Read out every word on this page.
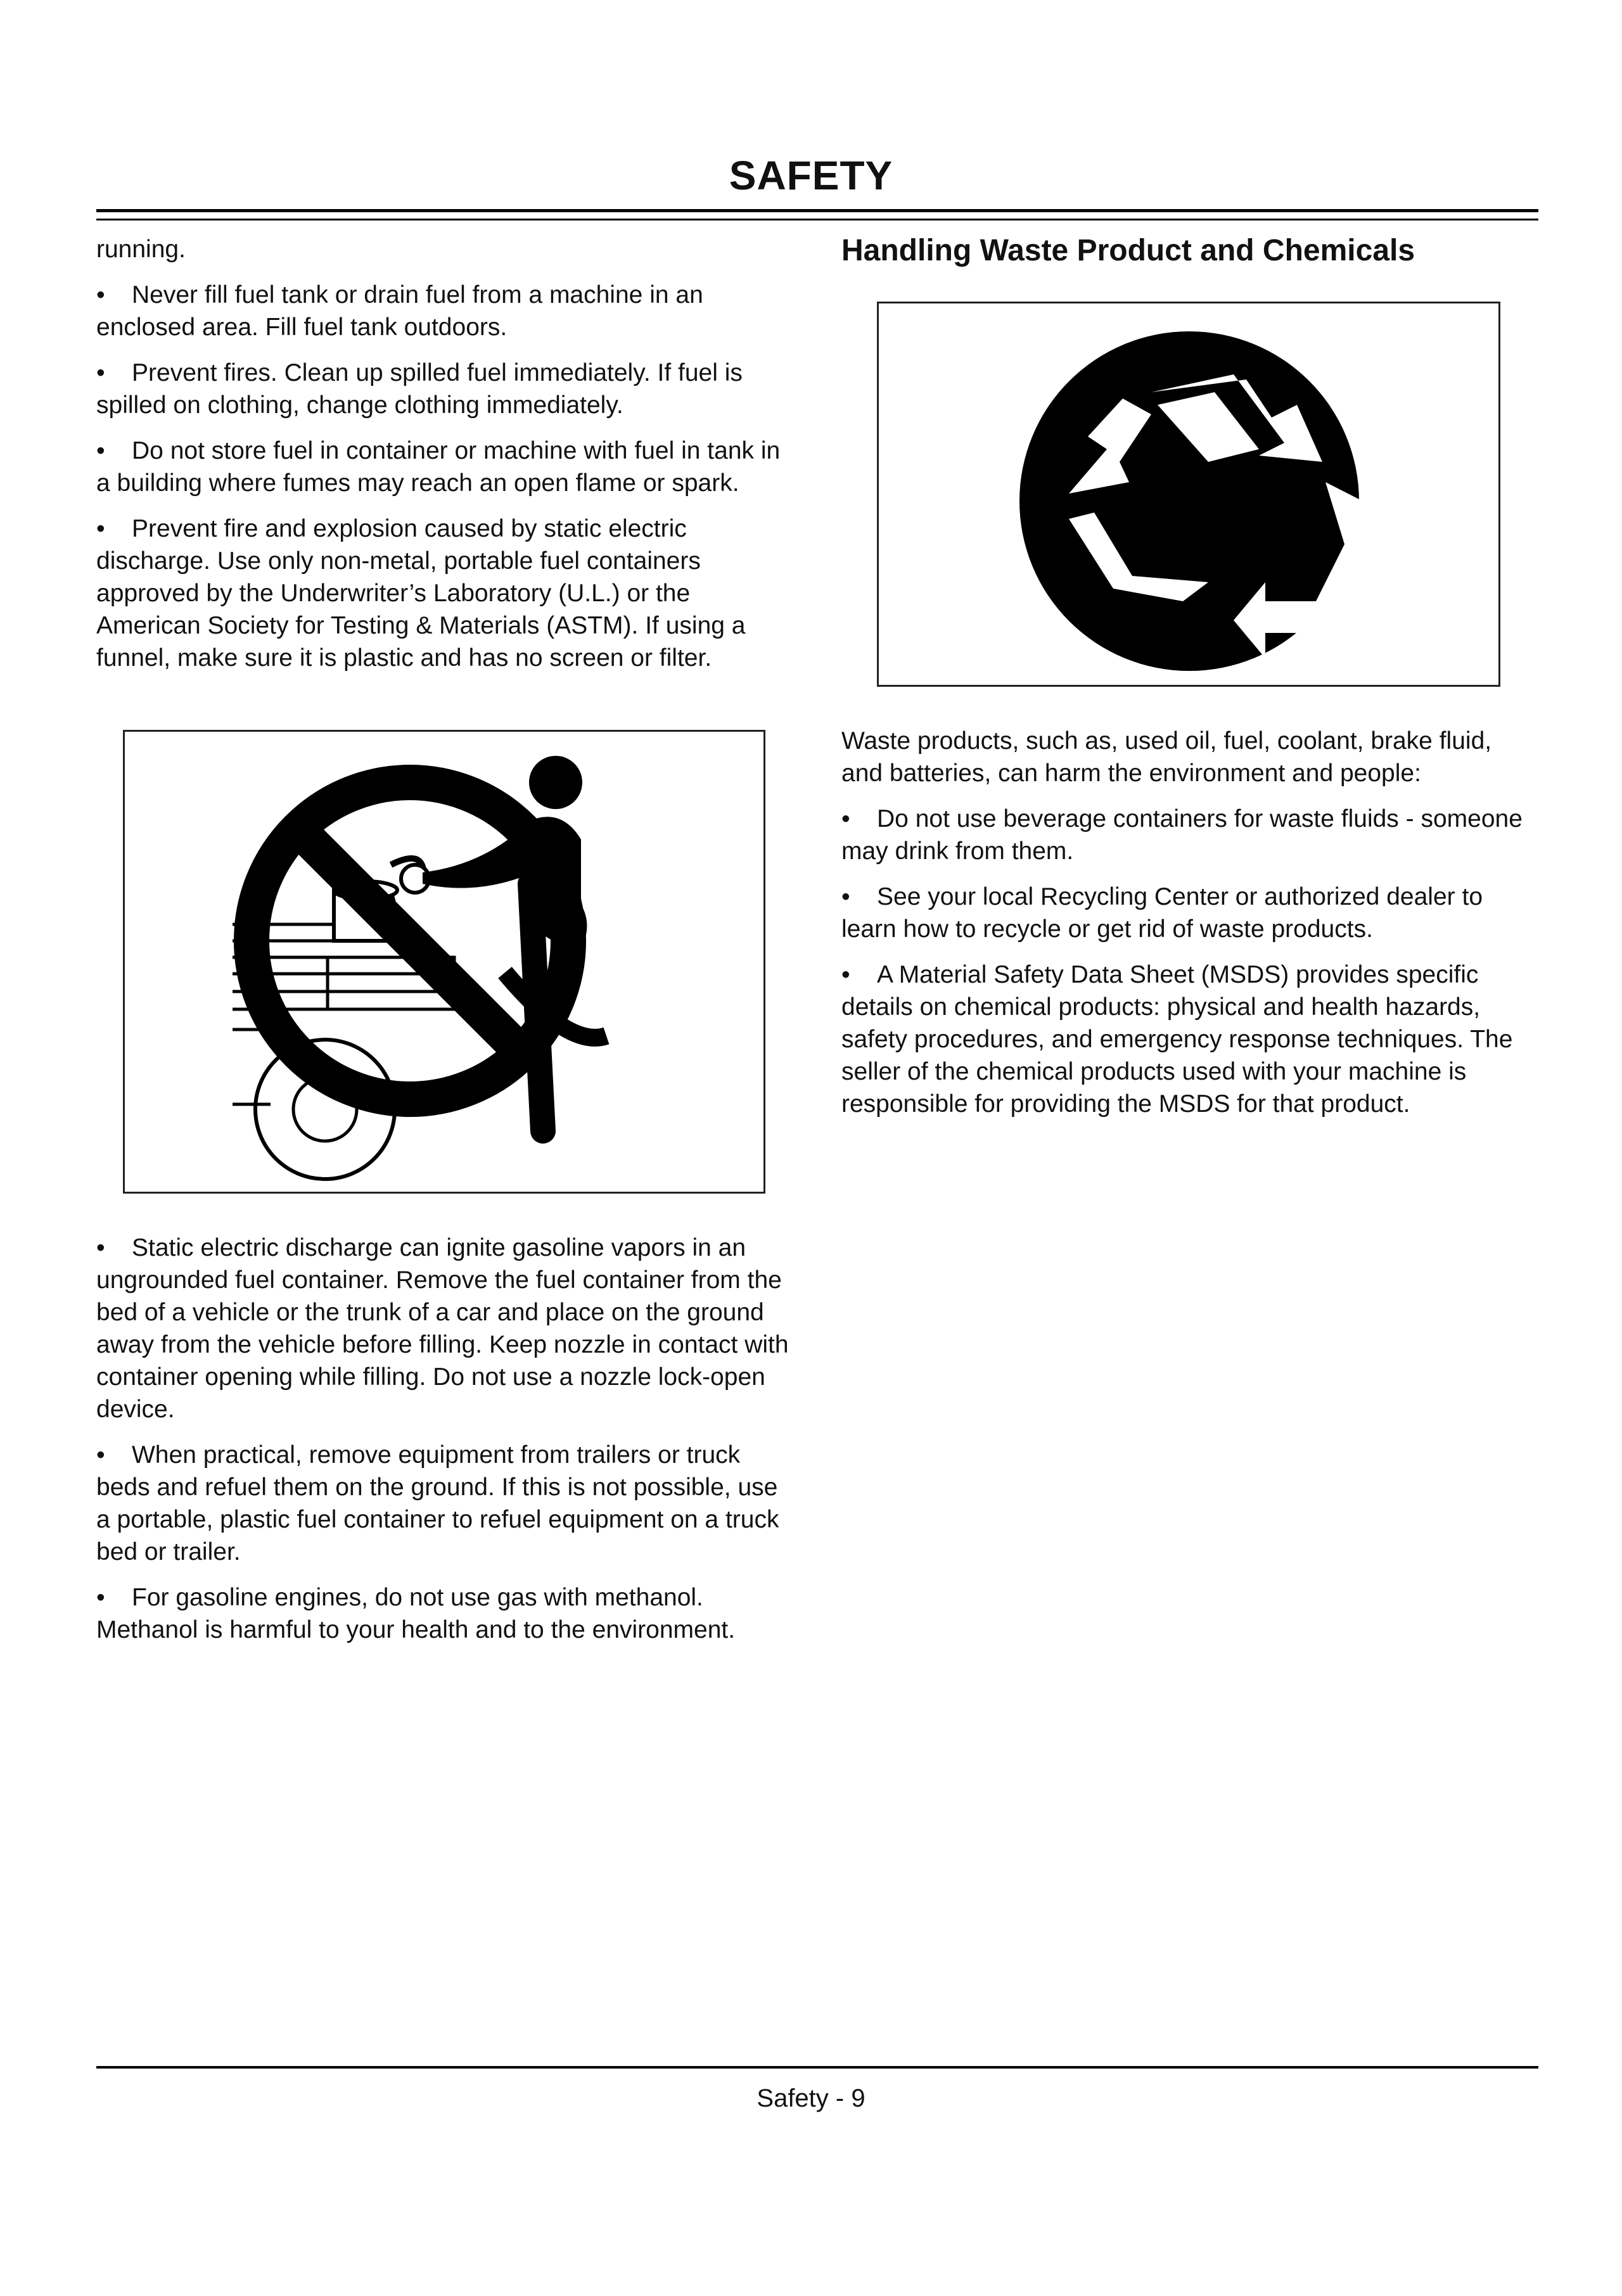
SAFETY

running.

• Never fill fuel tank or drain fuel from a machine in an enclosed area. Fill fuel tank outdoors.

• Prevent fires. Clean up spilled fuel immediately. If fuel is spilled on clothing, change clothing immediately.

• Do not store fuel in container or machine with fuel in tank in a building where fumes may reach an open flame or spark.

• Prevent fire and explosion caused by static electric discharge. Use only non-metal, portable fuel containers approved by the Underwriter’s Laboratory (U.L.) or the American Society for Testing & Materials (ASTM). If using a funnel, make sure it is plastic and has no screen or filter.

• Static electric discharge can ignite gasoline vapors in an ungrounded fuel container. Remove the fuel container from the bed of a vehicle or the trunk of a car and place on the ground away from the vehicle before filling. Keep nozzle in contact with container opening while filling. Do not use a nozzle lock-open device.

• When practical, remove equipment from trailers or truck beds and refuel them on the ground. If this is not possible, use a portable, plastic fuel container to refuel equipment on a truck bed or trailer.

• For gasoline engines, do not use gas with methanol. Methanol is harmful to your health and to the environment.

Handling Waste Product and Chemicals

Waste products, such as, used oil, fuel, coolant, brake fluid, and batteries, can harm the environment and people:

• Do not use beverage containers for waste fluids - someone may drink from them.

• See your local Recycling Center or authorized dealer to learn how to recycle or get rid of waste products.

• A Material Safety Data Sheet (MSDS) provides specific details on chemical products: physical and health hazards, safety procedures, and emergency response techniques. The seller of the chemical products used with your machine is responsible for providing the MSDS for that product.

Safety - 9
